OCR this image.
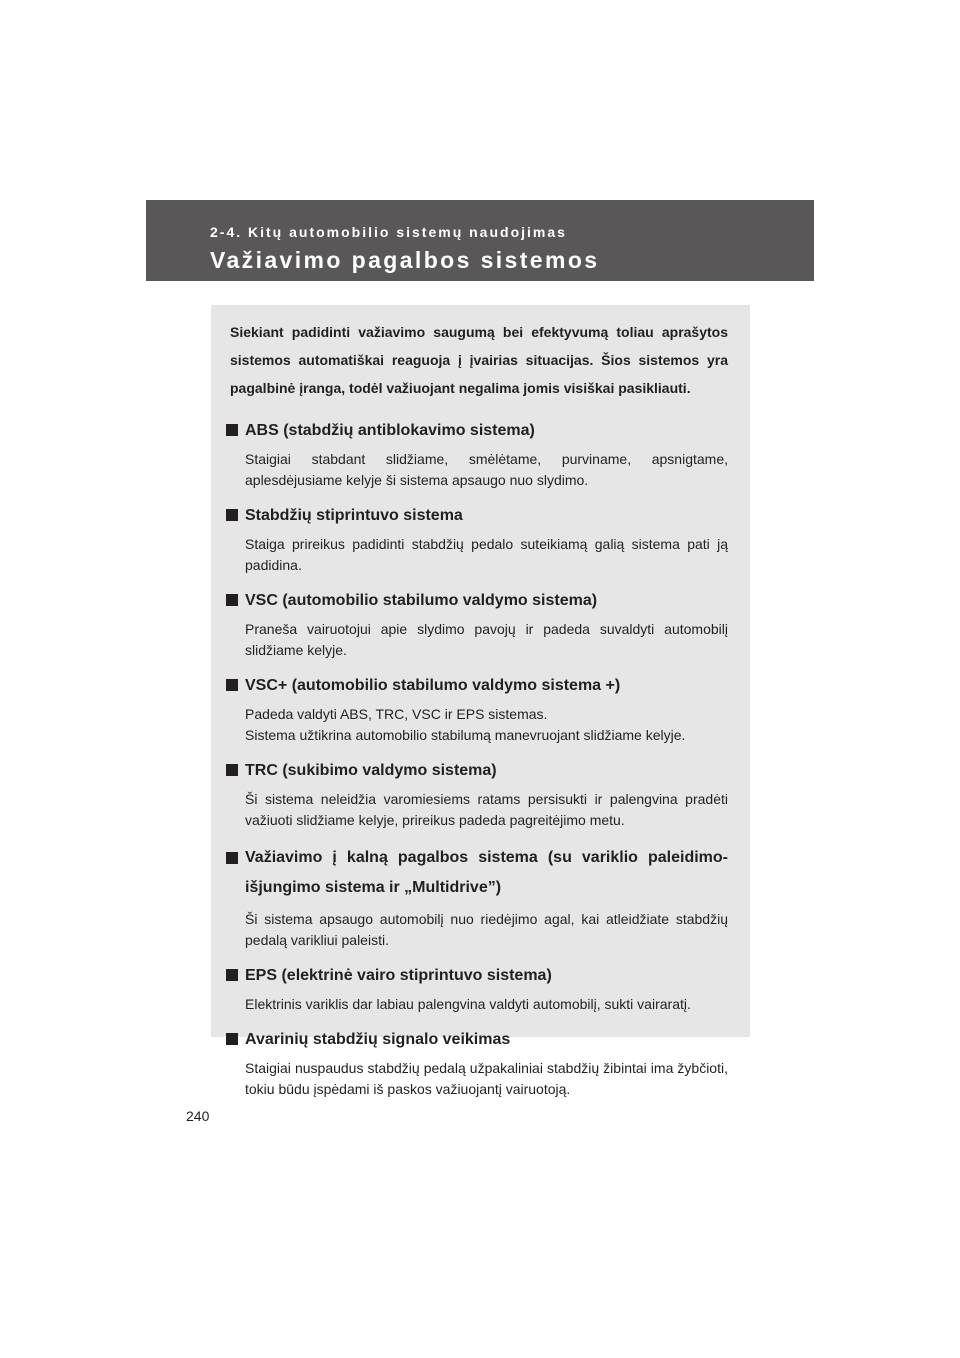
2-4. Kitų automobilio sistemų naudojimas
Važiavimo pagalbos sistemos
Siekiant padidinti važiavimo saugumą bei efektyvumą toliau aprašytos sistemos automatiškai reaguoja į įvairias situacijas. Šios sistemos yra pagalbinė įranga, todėl važiuojant negalima jomis visiškai pasikliauti.
ABS (stabdžių antiblokavimo sistema)
Staigiai stabdant slidžiame, smėlėtame, purviname, apsnigtame, aplesdėjusiame kelyje ši sistema apsaugo nuo slydimo.
Stabdžių stiprintuvo sistema
Staiga prireikus padidinti stabdžių pedalo suteikiamą galią sistema pati ją padidina.
VSC (automobilio stabilumo valdymo sistema)
Praneša vairuotojui apie slydimo pavojų ir padeda suvaldyti automobilį slidžiame kelyje.
VSC+ (automobilio stabilumo valdymo sistema +)
Padeda valdyti ABS, TRC, VSC ir EPS sistemas.
Sistema užtikrina automobilio stabilumą manevruojant slidžiame kelyje.
TRC (sukibimo valdymo sistema)
Ši sistema neleidžia varomiesiems ratams persisukti ir palengvina pradėti važiuoti slidžiame kelyje, prireikus padeda pagreitėjimo metu.
Važiavimo į kalną pagalbos sistema (su varikliо paleidimo-išjungimo sistema ir „Multidrive”)
Ši sistema apsaugo automobilį nuo riedėjimo agal, kai atleidžiate stabdžių pedalą varikliui paleisti.
EPS (elektrinė vairo stiprintuvo sistema)
Elektrinis variklis dar labiau palengvina valdyti automobilį, sukti vairaratį.
Avarinių stabdžių signalo veikimas
Staigiai nuspaudus stabdžių pedalą užpakaliniai stabdžių žibintai ima žybčioti, tokiu būdu įspėdami iš paskos važiuojantį vairuotoją.
240
